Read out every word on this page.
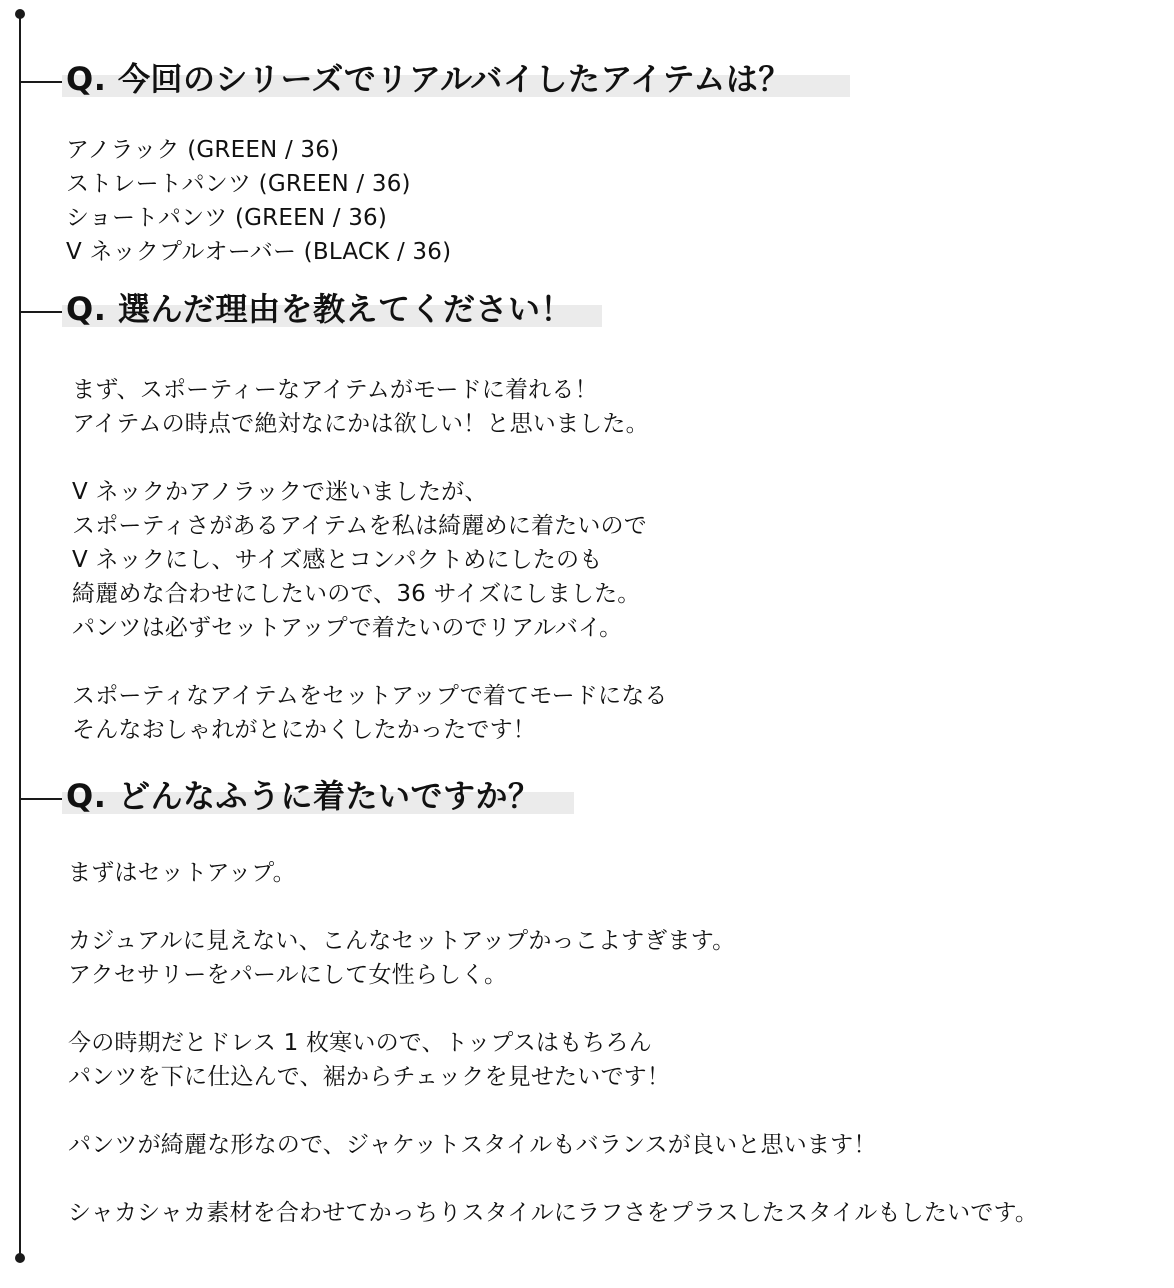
Q. 今回のシリーズでリアルバイしたアイテムは？
アノラック (GREEN / 36)
ストレートパンツ (GREEN / 36)
ショートパンツ (GREEN / 36)
V ネックプルオーバー (BLACK / 36)
Q. 選んだ理由を教えてください！
まず、スポーティーなアイテムがモードに着れる！
アイテムの時点で絶対なにかは欲しい！と思いました。
V ネックかアノラックで迷いましたが、
スポーティさがあるアイテムを私は綺麗めに着たいので
V ネックにし、サイズ感とコンパクトめにしたのも
綺麗めな合わせにしたいので、36 サイズにしました。
パンツは必ずセットアップで着たいのでリアルバイ。
スポーティなアイテムをセットアップで着てモードになる
そんなおしゃれがとにかくしたかったです！
Q. どんなふうに着たいですか？
まずはセットアップ。
カジュアルに見えない、こんなセットアップかっこよすぎます。
アクセサリーをパールにして女性らしく。
今の時期だとドレス 1 枚寒いので、トップスはもちろん
パンツを下に仕込んで、裾からチェックを見せたいです！
パンツが綺麗な形なので、ジャケットスタイルもバランスが良いと思います！
シャカシャカ素材を合わせてかっちりスタイルにラフさをプラスしたスタイルもしたいです。
